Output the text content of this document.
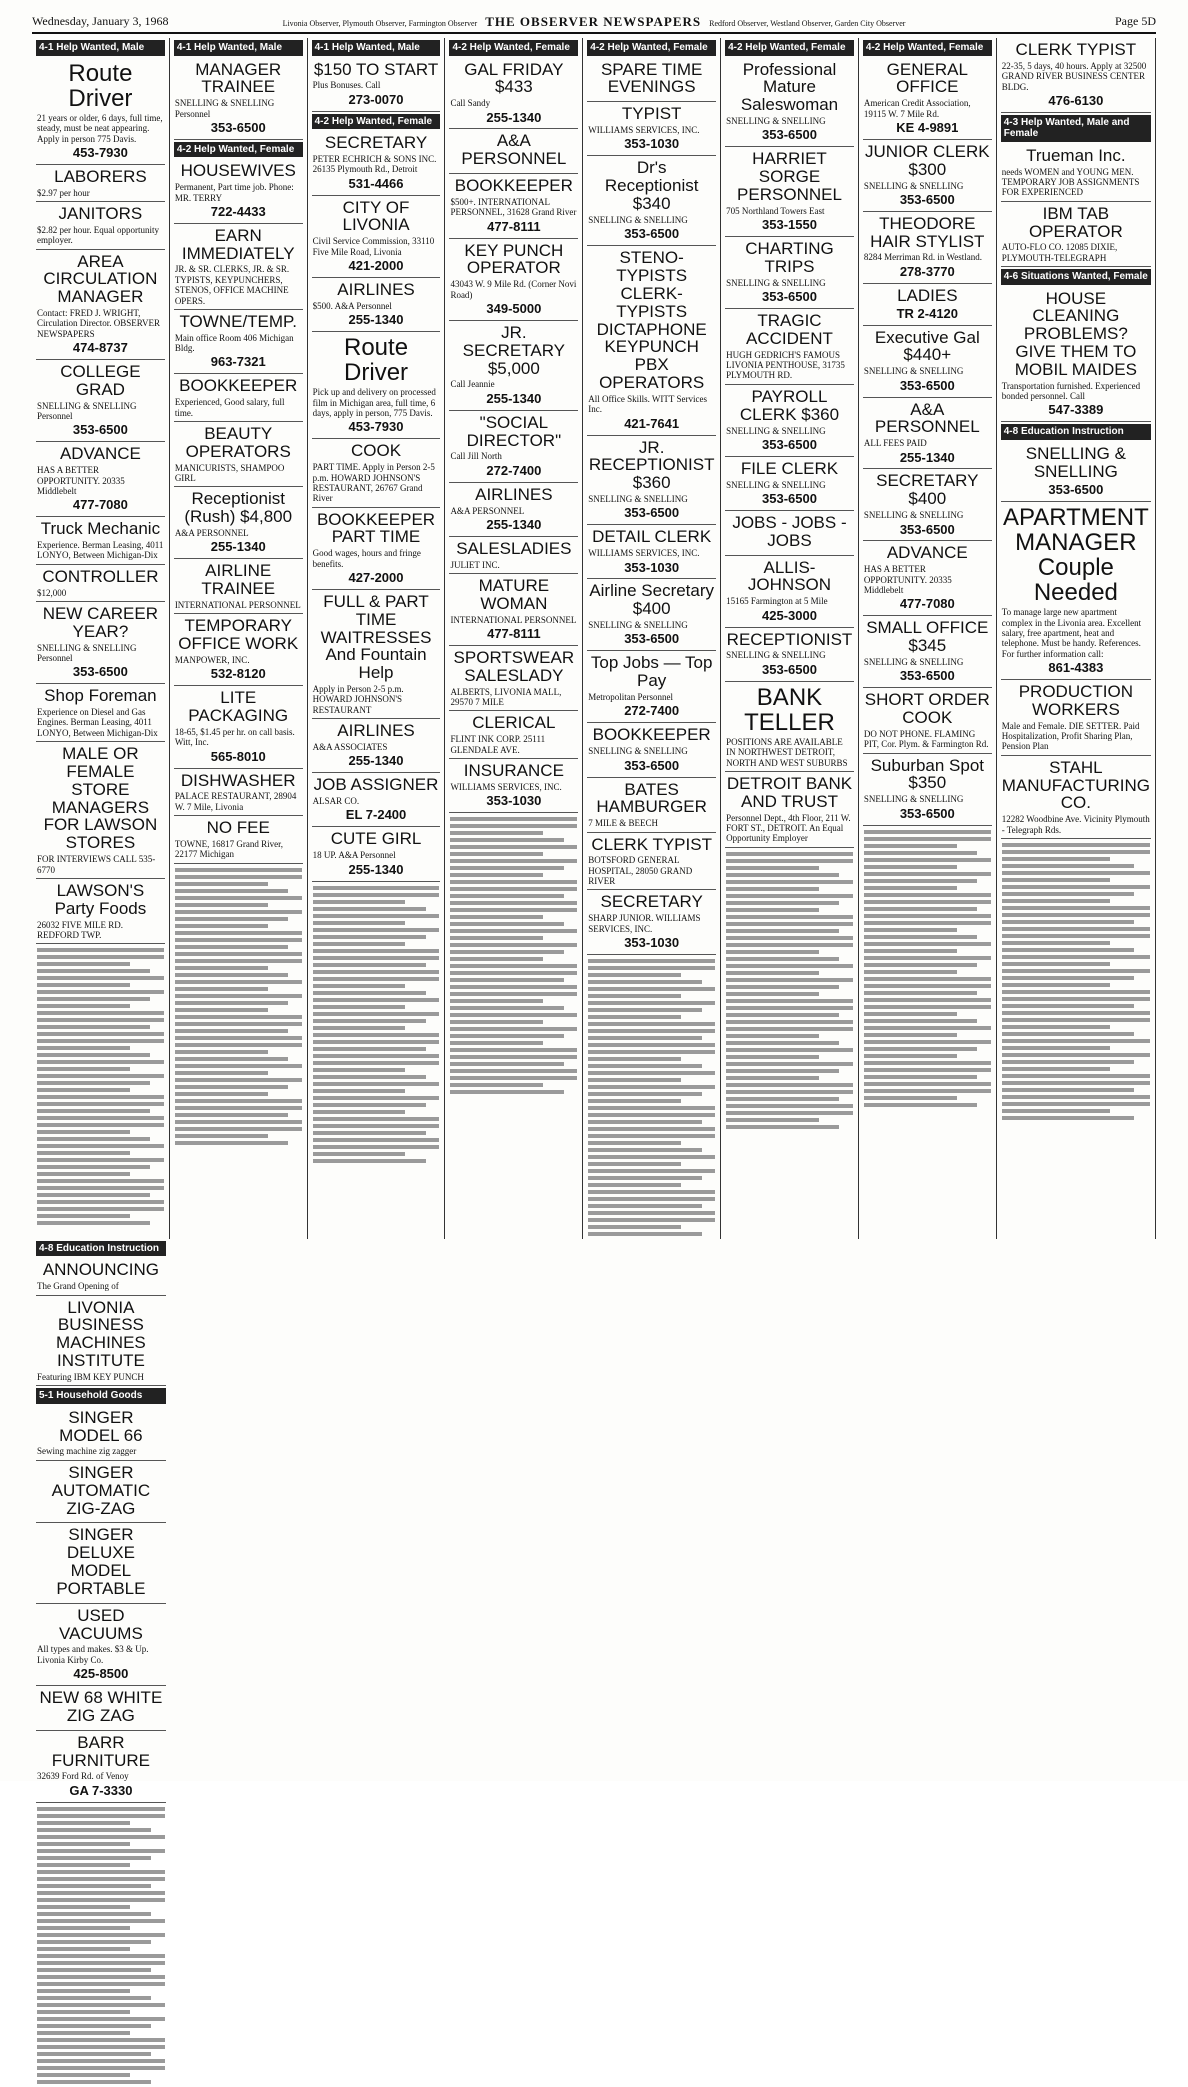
Wednesday, January 3, 1968	Livonia Observer, Plymouth Observer, Farmington Observer THE OBSERVER NEWSPAPERS Redford Observer, Westland Observer, Garden City Observer	Page 5D
4-1 Help Wanted, Male
Route Driver
21 years or older, 6 days, full time, steady, must be neat appearing. Apply in person 775 Davis.
453-7930
LABORERS
$2.97 per hour
JANITORS
$2.82 per hour. Equal opportunity employer.
AREA CIRCULATION MANAGER
Contact: FRED J. WRIGHT, Circulation Director. OBSERVER NEWSPAPERS
474-8737
COLLEGE GRAD
SNELLING & SNELLING Personnel
353-6500
ADVANCE
HAS A BETTER OPPORTUNITY. 20335 Middlebelt
477-7080
Truck Mechanic
Experience. Berman Leasing, 4011 LONYO, Between Michigan-Dix
CONTROLLER
$12,000
NEW CAREER YEAR?
SNELLING & SNELLING Personnel
353-6500
Shop Foreman
Experience on Diesel and Gas Engines. Berman Leasing, 4011 LONYO, Between Michigan-Dix
MALE OR FEMALE STORE MANAGERS FOR LAWSON STORES
FOR INTERVIEWS CALL 535-6770
LAWSON'S Party Foods
26032 FIVE MILE RD. REDFORD TWP.
4-1 Help Wanted, Male
MANAGER TRAINEE
SNELLING & SNELLING Personnel
353-6500
4-2 Help Wanted, Female
HOUSEWIVES
Permanent, Part time job. Phone: MR. TERRY
722-4433
EARN IMMEDIATELY
JR. & SR. CLERKS, JR. & SR. TYPISTS, KEYPUNCHERS, STENOS, OFFICE MACHINE OPERS.
TOWNE/TEMP.
Main office Room 406 Michigan Bldg.
963-7321
BOOKKEEPER
Experienced, Good salary, full time.
BEAUTY OPERATORS
MANICURISTS, SHAMPOO GIRL
Receptionist (Rush) $4,800
A&A PERSONNEL
255-1340
AIRLINE TRAINEE
INTERNATIONAL PERSONNEL
TEMPORARY OFFICE WORK
MANPOWER, INC.
532-8120
LITE PACKAGING
18-65, $1.45 per hr. on call basis. Witt, Inc.
565-8010
DISHWASHER
PALACE RESTAURANT, 28904 W. 7 Mile, Livonia
NO FEE
TOWNE, 16817 Grand River, 22177 Michigan
4-1 Help Wanted, Male
$150 TO START
Plus Bonuses. Call
273-0070
4-2 Help Wanted, Female
SECRETARY
PETER ECHRICH & SONS INC. 26135 Plymouth Rd., Detroit
531-4466
CITY OF LIVONIA
Civil Service Commission, 33110 Five Mile Road, Livonia
421-2000
AIRLINES
$500. A&A Personnel
255-1340
Route Driver
Pick up and delivery on processed film in Michigan area, full time, 6 days, apply in person, 775 Davis.
453-7930
COOK
PART TIME. Apply in Person 2-5 p.m. HOWARD JOHNSON'S RESTAURANT, 26767 Grand River
BOOKKEEPER PART TIME
Good wages, hours and fringe benefits.
427-2000
FULL & PART TIME WAITRESSES And Fountain Help
Apply in Person 2-5 p.m. HOWARD JOHNSON'S RESTAURANT
AIRLINES
A&A ASSOCIATES
255-1340
JOB ASSIGNER
ALSAR CO.
EL 7-2400
CUTE GIRL
18 UP. A&A Personnel
255-1340
4-2 Help Wanted, Female
GAL FRIDAY $433
Call Sandy
255-1340
A&A PERSONNEL
BOOKKEEPER
$500+. INTERNATIONAL PERSONNEL, 31628 Grand River
477-8111
KEY PUNCH OPERATOR
43043 W. 9 Mile Rd. (Corner Novi Road)
349-5000
JR. SECRETARY $5,000
Call Jeannie
255-1340
"SOCIAL DIRECTOR"
Call Jill North
272-7400
AIRLINES
A&A PERSONNEL
255-1340
SALESLADIES
JULIET INC.
MATURE WOMAN
INTERNATIONAL PERSONNEL
477-8111
SPORTSWEAR SALESLADY
ALBERTS, LIVONIA MALL, 29570 7 MILE
CLERICAL
FLINT INK CORP. 25111 GLENDALE AVE.
INSURANCE
WILLIAMS SERVICES, INC.
353-1030
4-2 Help Wanted, Female
SPARE TIME EVENINGS
TYPIST
WILLIAMS SERVICES, INC.
353-1030
Dr's Receptionist $340
SNELLING & SNELLING
353-6500
STENO-TYPISTS CLERK-TYPISTS DICTAPHONE KEYPUNCH PBX OPERATORS
All Office Skills. WITT Services Inc.
421-7641
JR. RECEPTIONIST $360
SNELLING & SNELLING
353-6500
DETAIL CLERK
WILLIAMS SERVICES, INC.
353-1030
Airline Secretary $400
SNELLING & SNELLING
353-6500
Top Jobs — Top Pay
Metropolitan Personnel
272-7400
BOOKKEEPER
SNELLING & SNELLING
353-6500
BATES HAMBURGER
7 MILE & BEECH
CLERK TYPIST
BOTSFORD GENERAL HOSPITAL, 28050 GRAND RIVER
SECRETARY
SHARP JUNIOR. WILLIAMS SERVICES, INC.
353-1030
4-2 Help Wanted, Female
Professional Mature Saleswoman
SNELLING & SNELLING
353-6500
HARRIET SORGE PERSONNEL
705 Northland Towers East
353-1550
CHARTING TRIPS
SNELLING & SNELLING
353-6500
TRAGIC ACCIDENT
HUGH GEDRICH'S FAMOUS LIVONIA PENTHOUSE, 31735 PLYMOUTH RD.
PAYROLL CLERK $360
SNELLING & SNELLING
353-6500
FILE CLERK
SNELLING & SNELLING
353-6500
JOBS - JOBS - JOBS
ALLIS-JOHNSON
15165 Farmington at 5 Mile
425-3000
RECEPTIONIST
SNELLING & SNELLING
353-6500
BANK TELLER
POSITIONS ARE AVAILABLE IN NORTHWEST DETROIT, NORTH AND WEST SUBURBS
DETROIT BANK AND TRUST
Personnel Dept., 4th Floor, 211 W. FORT ST., DETROIT. An Equal Opportunity Employer
4-2 Help Wanted, Female
GENERAL OFFICE
American Credit Association, 19115 W. 7 Mile Rd.
KE 4-9891
JUNIOR CLERK $300
SNELLING & SNELLING
353-6500
THEODORE HAIR STYLIST
8284 Merriman Rd. in Westland.
278-3770
LADIES
TR 2-4120
Executive Gal $440+
SNELLING & SNELLING
353-6500
A&A PERSONNEL
ALL FEES PAID
255-1340
SECRETARY $400
SNELLING & SNELLING
353-6500
ADVANCE
HAS A BETTER OPPORTUNITY. 20335 Middlebelt
477-7080
SMALL OFFICE $345
SNELLING & SNELLING
353-6500
SHORT ORDER COOK
DO NOT PHONE. FLAMING PIT, Cor. Plym. & Farmington Rd.
Suburban Spot $350
SNELLING & SNELLING
353-6500
CLERK TYPIST
22-35, 5 days, 40 hours. Apply at 32500 GRAND RIVER BUSINESS CENTER BLDG.
476-6130
4-3 Help Wanted, Male and Female
Trueman Inc.
needs WOMEN and YOUNG MEN. TEMPORARY JOB ASSIGNMENTS FOR EXPERIENCED
IBM TAB OPERATOR
AUTO-FLO CO. 12085 DIXIE, PLYMOUTH-TELEGRAPH
4-6 Situations Wanted, Female
HOUSE CLEANING PROBLEMS? GIVE THEM TO MOBIL MAIDES
Transportation furnished. Experienced bonded personnel. Call
547-3389
4-8 Education Instruction
SNELLING & SNELLING
353-6500
APARTMENT MANAGER Couple Needed
To manage large new apartment complex in the Livonia area. Excellent salary, free apartment, heat and telephone. Must be handy. References. For further information call:
861-4383
PRODUCTION WORKERS
Male and Female. DIE SETTER. Paid Hospitalization, Profit Sharing Plan, Pension Plan
STAHL MANUFACTURING CO.
12282 Woodbine Ave. Vicinity Plymouth - Telegraph Rds.
4-8 Education Instruction
ANNOUNCING
The Grand Opening of
LIVONIA BUSINESS MACHINES INSTITUTE
Featuring IBM KEY PUNCH
5-1 Household Goods
SINGER MODEL 66
Sewing machine zig zagger
SINGER AUTOMATIC ZIG-ZAG
SINGER DELUXE MODEL PORTABLE
USED VACUUMS
All types and makes. $3 & Up. Livonia Kirby Co.
425-8500
NEW 68 WHITE ZIG ZAG
BARR FURNITURE
32639 Ford Rd. of Venoy
GA 7-3330
